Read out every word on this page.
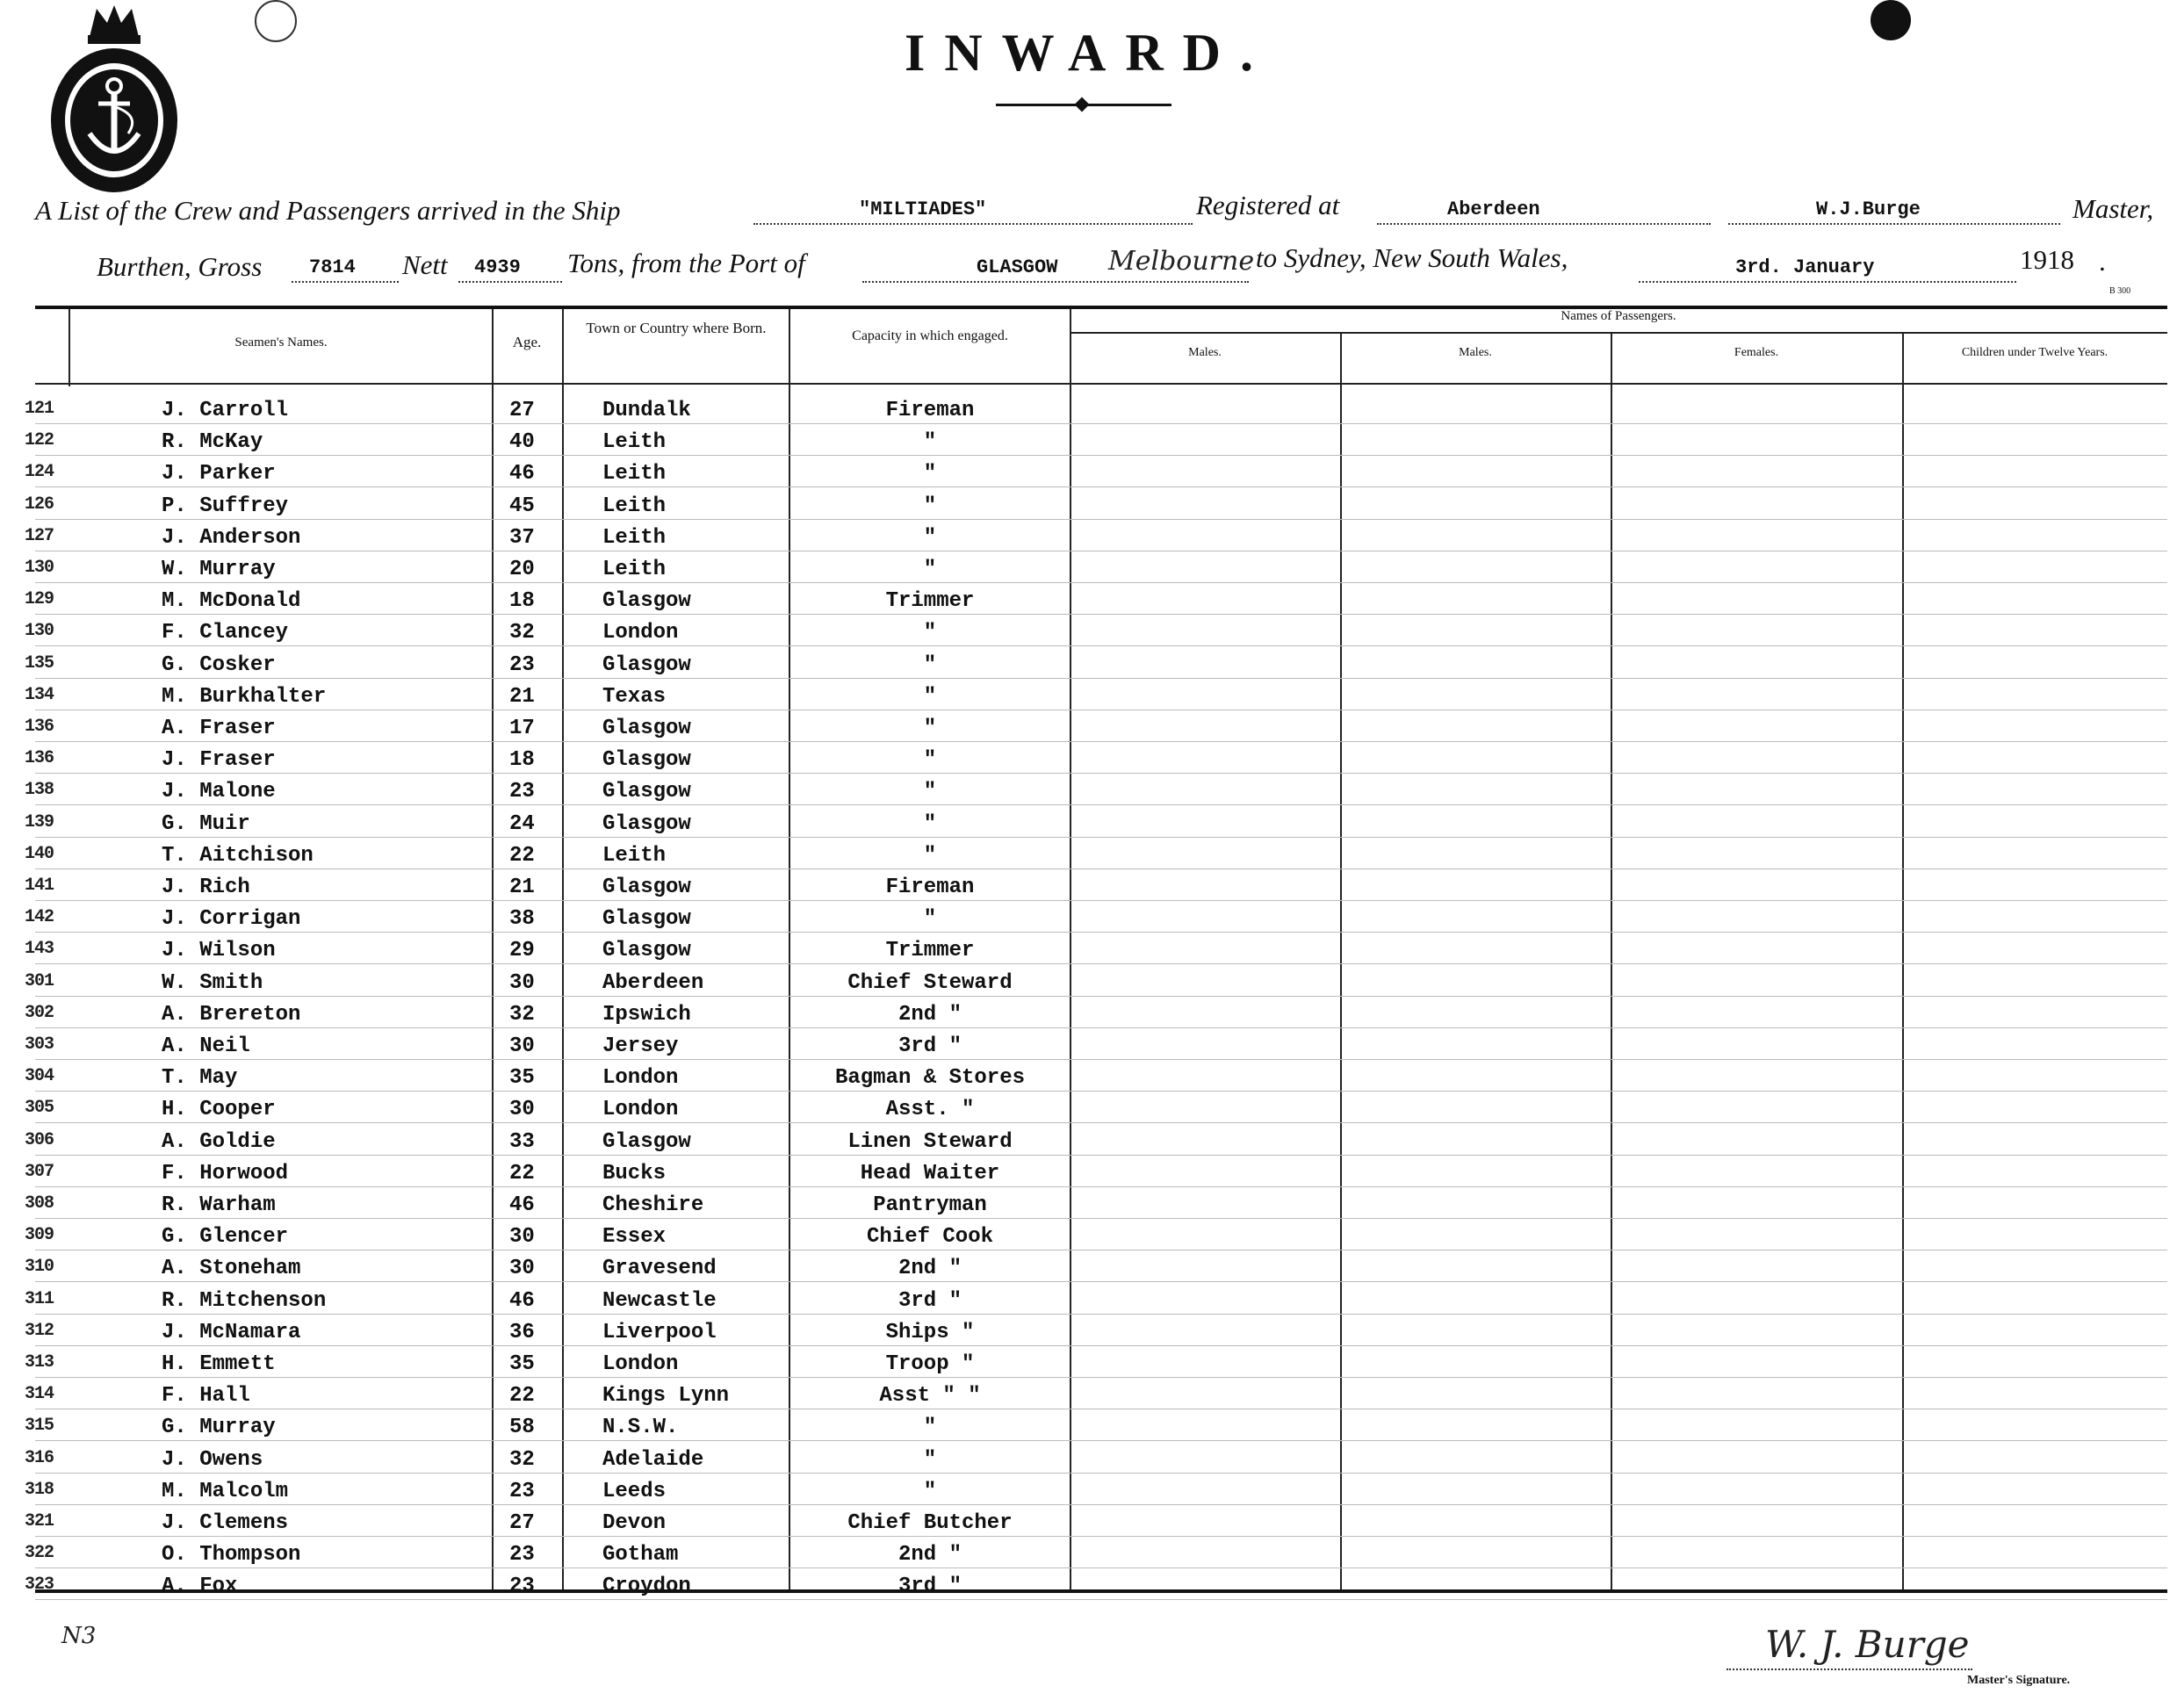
INWARD.
A List of the Crew and Passengers arrived in the Ship	"MILTIADES"	Registered at	Aberdeen	W.J.Burge	Master,
Burthen, Gross 7814 Nett 4939 Tons, from the Port of	GLASGOW Melbourne to Sydney, New South Wales,	3rd. January	1918 .
B 300
Seamen's Names.	Age.
Town or Country where Born.	Capacity in which engaged.
Names of Passengers.
Males.	Males.	Females.	Children under Twelve Years.
121	J. Carroll	27	Dundalk	Fireman
122	R. McKay	40	Leith	"
124	J. Parker	46	Leith	"
126	P. Suffrey	45	Leith	"
127	J. Anderson	37	Leith	"
130	W. Murray	20	Leith	"
129	M. McDonald	18	Glasgow	Trimmer
130	F. Clancey	32	London	"
135	G. Cosker	23	Glasgow	"
134	M. Burkhalter	21	Texas	"
136	A. Fraser	17	Glasgow	"
136	J. Fraser	18	Glasgow	"
138	J. Malone	23	Glasgow	"
139	G. Muir	24	Glasgow	"
140	T. Aitchison	22	Leith	"
141	J. Rich	21	Glasgow	Fireman
142	J. Corrigan	38	Glasgow	"
143	J. Wilson	29	Glasgow	Trimmer
301	W. Smith	30	Aberdeen	Chief Steward
302	A. Brereton	32	Ipswich	2nd "
303	A. Neil	30	Jersey	3rd "
304	T. May	35	London	Bagman & Stores
305	H. Cooper	30	London	Asst. "
306	A. Goldie	33	Glasgow	Linen Steward
307	F. Horwood	22	Bucks	Head Waiter
308	R. Warham	46	Cheshire	Pantryman
309	G. Glencer	30	Essex	Chief Cook
310	A. Stoneham	30	Gravesend	2nd "
311	R. Mitchenson	46	Newcastle	3rd "
312	J. McNamara	36	Liverpool	Ships "
313	H. Emmett	35	London	Troop "
314	F. Hall	22	Kings Lynn	Asst " "
315	G. Murray	58	N.S.W.	"
316	J. Owens	32	Adelaide	"
318	M. Malcolm	23	Leeds	"
321	J. Clemens	27	Devon	Chief Butcher
322	O. Thompson	23	Gotham	2nd "
323	A. Fox	23	Croydon	3rd "
N3	W. J. Burge
Master's Signature.
